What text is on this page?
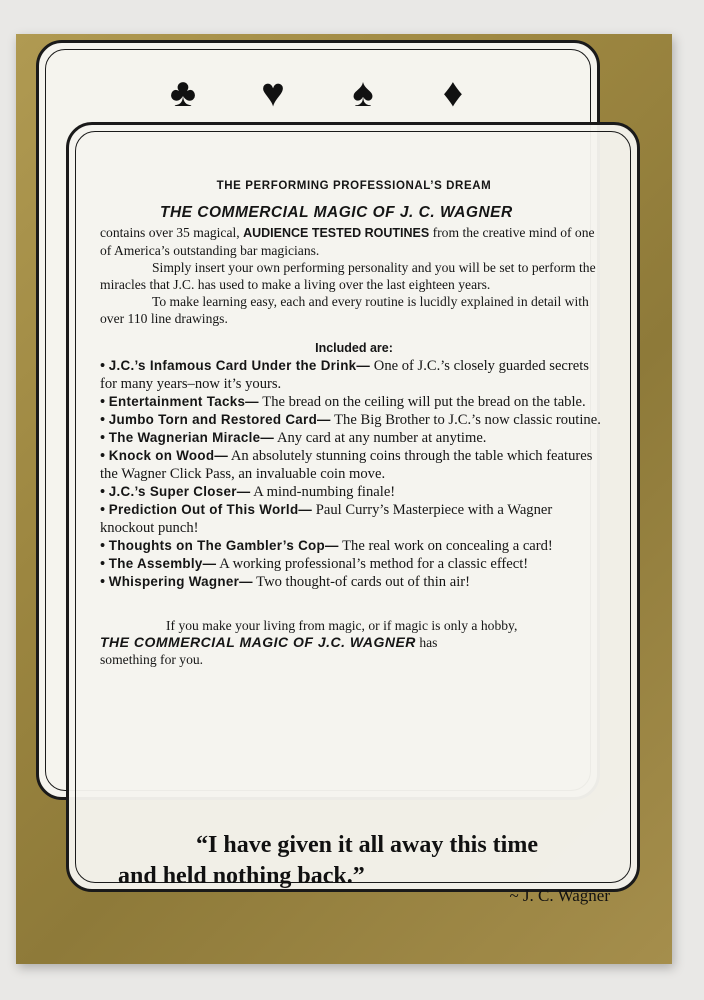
♣ ♥ ♠ ♦
THE PERFORMING PROFESSIONAL’S DREAM
THE COMMERCIAL MAGIC OF J. C. WAGNER

contains over 35 magical, AUDIENCE TESTED ROUTINES from the creative mind of one of America’s outstanding bar magicians.

Simply insert your own performing personality and you will be set to perform the miracles that J.C. has used to make a living over the last eighteen years.

To make learning easy, each and every routine is lucidly explained in detail with over 110 line drawings.

Included are:
• J.C.’s Infamous Card Under the Drink— One of J.C.’s closely guarded secrets for many years–now it’s yours.
• Entertainment Tacks— The bread on the ceiling will put the bread on the table.
• Jumbo Torn and Restored Card— The Big Brother to J.C.’s now classic routine.
• The Wagnerian Miracle— Any card at any number at anytime.
• Knock on Wood— An absolutely stunning coins through the table which features the Wagner Click Pass, an invaluable coin move.
• J.C.’s Super Closer— A mind-numbing finale!
• Prediction Out of This World— Paul Curry’s Masterpiece with a Wagner knockout punch!
• Thoughts on The Gambler’s Cop— The real work on concealing a card!
• The Assembly— A working professional’s method for a classic effect!
• Whispering Wagner— Two thought-of cards out of thin air!

If you make your living from magic, or if magic is only a hobby,

THE COMMERCIAL MAGIC OF J.C. WAGNER has

something for you.

“I have given it all away this time
and held nothing back.”
~ J. C. Wagner
